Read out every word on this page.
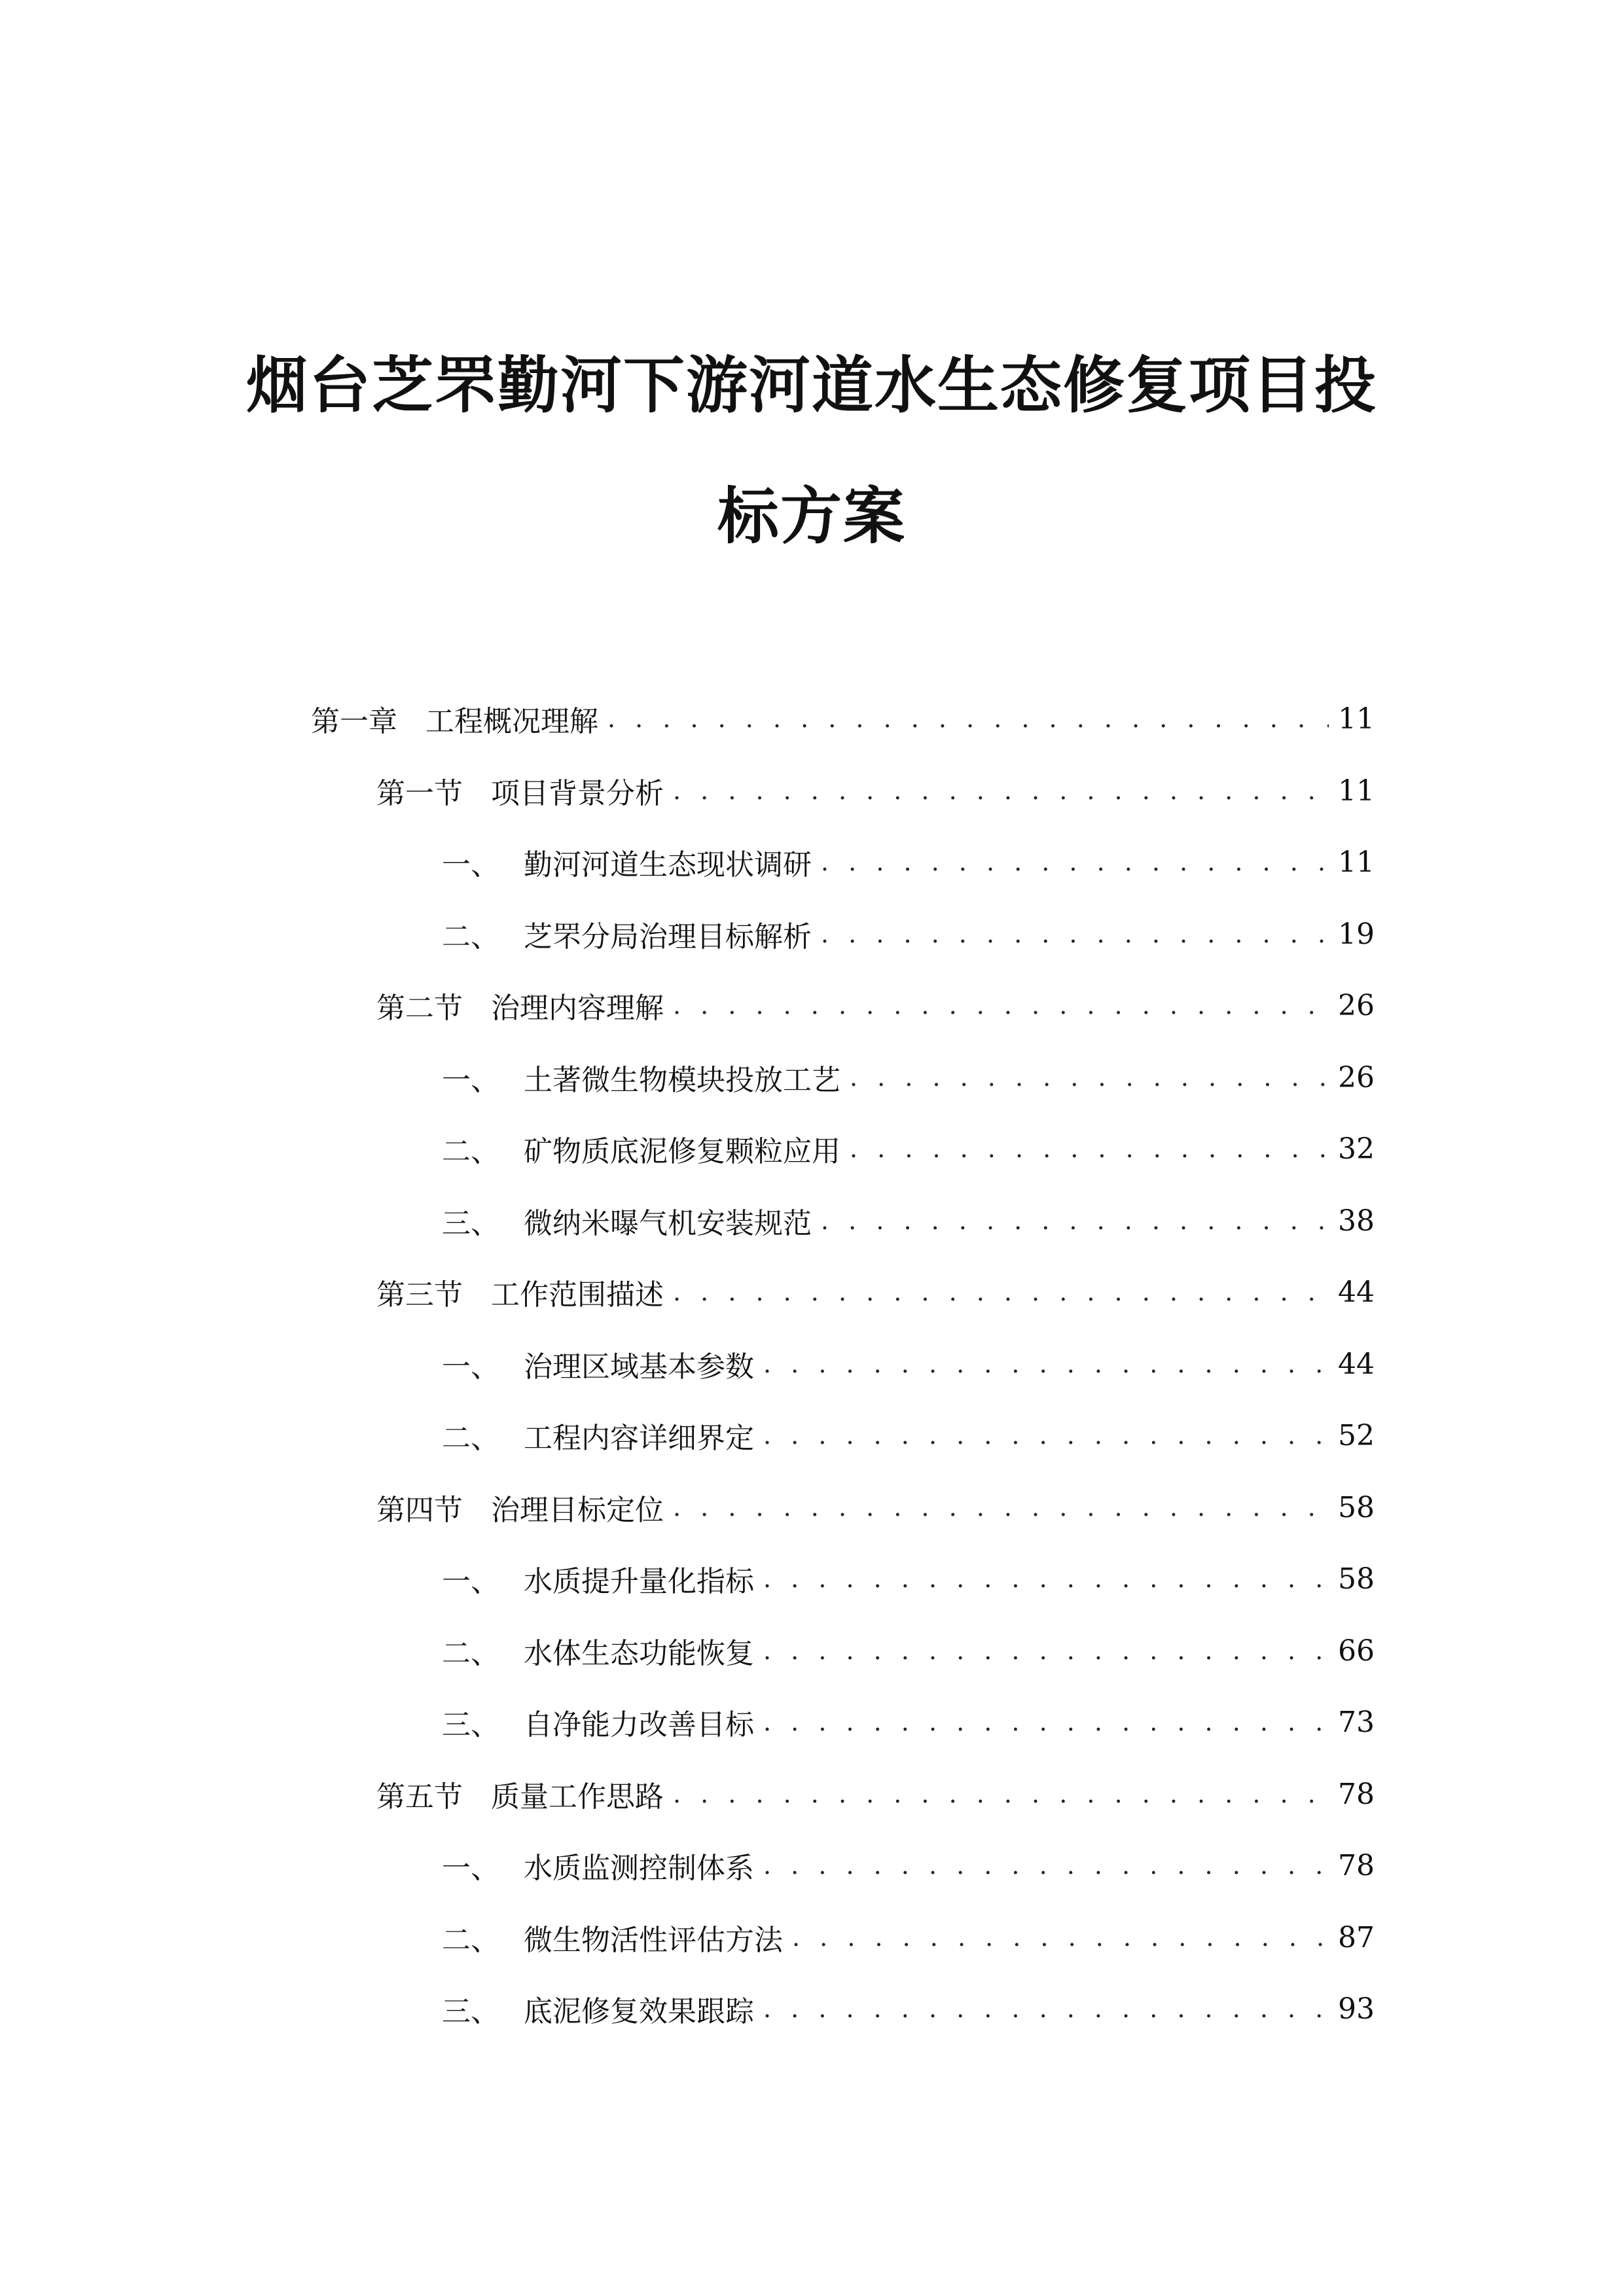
烟台芝罘勤河下游河道水生态修复项目投
标方案
第一章 工程概况理解 . . .	11
第一节 项目背景分析 . . .	11
一、 勤河河道生态现状调研 . . .	11
二、 芝罘分局治理目标解析 . . .	19
第二节 治理内容理解 . . .	26
一、 土著微生物模块投放工艺 . . .	26
二、 矿物质底泥修复颗粒应用 . . .	32
三、 微纳米曝气机安装规范 . . .	38
第三节 工作范围描述 . . .	44
一、 治理区域基本参数 . . .	44
二、 工程内容详细界定 . . .	52
第四节 治理目标定位 . . .	58
一、 水质提升量化指标 . . .	58
二、 水体生态功能恢复 . . .	66
三、 自净能力改善目标 . . .	73
第五节 质量工作思路 . . .	78
一、 水质监测控制体系 . . .	78
二、 微生物活性评估方法 . . .	87
三、 底泥修复效果跟踪 . . .	93
